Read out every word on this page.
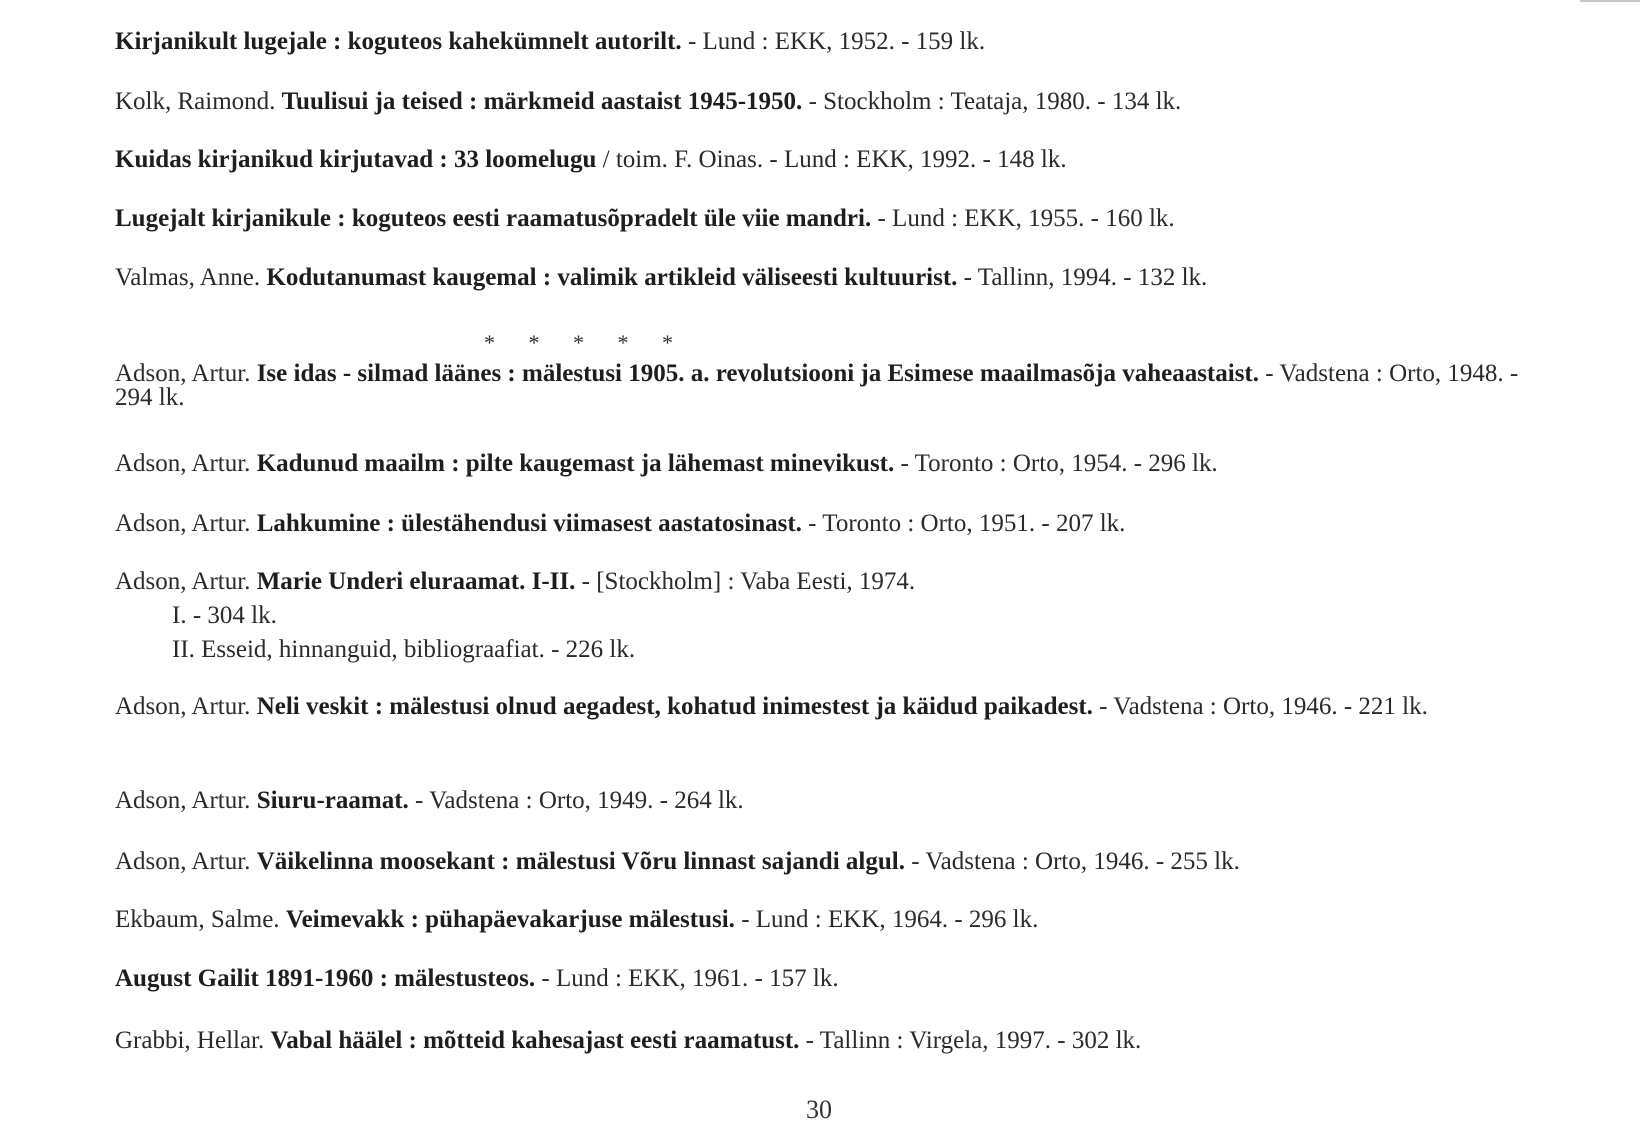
Kirjanikult lugejale : koguteos kahekümnelt autorilt. - Lund : EKK, 1952. - 159 lk.
Kolk, Raimond. Tuulisui ja teised : märkmeid aastaist 1945-1950. - Stockholm : Teataja, 1980. - 134 lk.
Kuidas kirjanikud kirjutavad : 33 loomelugu / toim. F. Oinas. - Lund : EKK, 1992. - 148 lk.
Lugejalt kirjanikule : koguteos eesti raamatusõpradelt üle viie mandri. - Lund : EKK, 1955. - 160 lk.
Valmas, Anne. Kodutanumast kaugemal : valimik artikleid väliseesti kultuurist. - Tallinn, 1994. - 132 lk.
* * * * *
Adson, Artur. Ise idas - silmad läänes : mälestusi 1905. a. revolutsiooni ja Esimese maailmasõja vaheaastaist. - Vadstena : Orto, 1948. - 294 lk.
Adson, Artur. Kadunud maailm : pilte kaugemast ja lähemast minevikust. - Toronto : Orto, 1954. - 296 lk.
Adson, Artur. Lahkumine : ülestähendusi viimasest aastatosinast. - Toronto : Orto, 1951. - 207 lk.
Adson, Artur. Marie Underi eluraamat. I-II. - [Stockholm] : Vaba Eesti, 1974.
I. - 304 lk.
II. Esseid, hinnanguid, bibliograafiat. - 226 lk.
Adson, Artur. Neli veskit : mälestusi olnud aegadest, kohatud inimestest ja käidud paikadest. - Vadstena : Orto, 1946. - 221 lk.
Adson, Artur. Siuru-raamat. - Vadstena : Orto, 1949. - 264 lk.
Adson, Artur. Väikelinna moosekant : mälestusi Võru linnast sajandi algul. - Vadstena : Orto, 1946. - 255 lk.
Ekbaum, Salme. Veimevakk : pühapäevakarjuse mälestusi. - Lund : EKK, 1964. - 296 lk.
August Gailit 1891-1960 : mälestusteos. - Lund : EKK, 1961. - 157 lk.
Grabbi, Hellar. Vabal häälel : mõtteid kahesajast eesti raamatust. - Tallinn : Virgela, 1997. - 302 lk.
30
